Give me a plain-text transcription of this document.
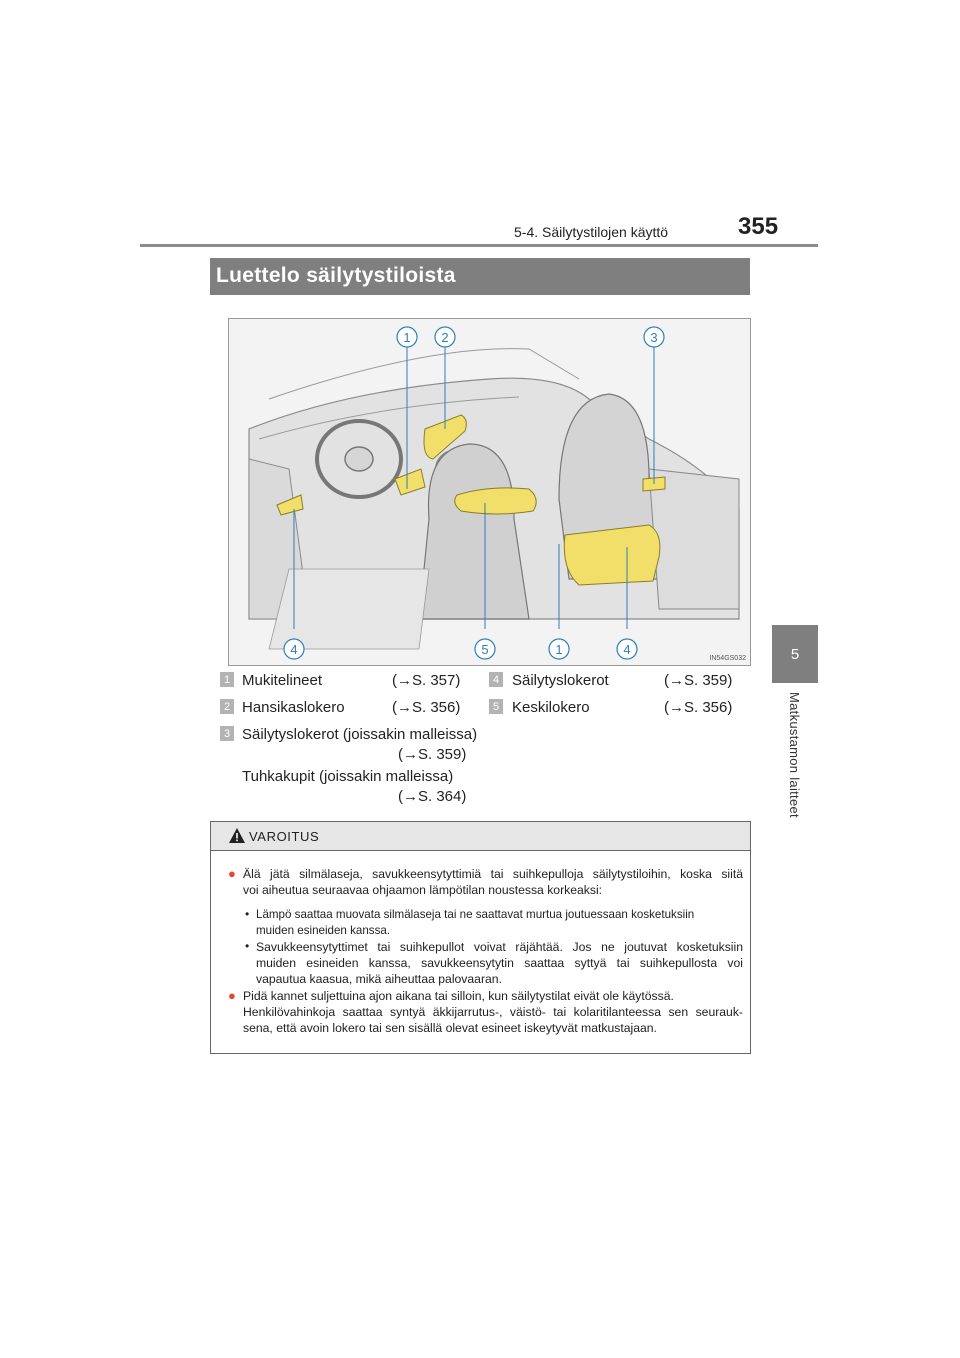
5-4. Säilytystilojen käyttö	355
5
Matkustamon laitteet
Luettelo säilytystiloista
1 2	3
4	5	1	4
IN54GS032
1 Mukitelineet	(→S. 357)
2 Hansikaslokero	(→S. 356)
3 Säilytyslokerot (joissakin malleissa)
(→S. 359)
Tuhkakupit (joissakin malleissa)
(→S. 364)
4 Säilytyslokerot	(→S. 359)
5 Keskilokero	(→S. 356)
VAROITUS
● Älä jätä silmälaseja, savukkeensytyttimiä tai suihkepulloja säilytystiloihin, koska siitä
voi aiheutua seuraavaa ohjaamon lämpötilan noustessa korkeaksi:
• Lämpö saattaa muovata silmälaseja tai ne saattavat murtua joutuessaan kosketuksiin
muiden esineiden kanssa.
• Savukkeensytyttimet tai suihkepullot voivat räjähtää. Jos ne joutuvat kosketuksiin
muiden esineiden kanssa, savukkeensytytin saattaa syttyä tai suihkepullosta voi
vapautua kaasua, mikä aiheuttaa palovaaran.
● Pidä kannet suljettuina ajon aikana tai silloin, kun säilytystilat eivät ole käytössä.
Henkilövahinkoja saattaa syntyä äkkijarrutus-, väistö- tai kolaritilanteessa sen seurauk-
sena, että avoin lokero tai sen sisällä olevat esineet iskeytyvät matkustajaan.
